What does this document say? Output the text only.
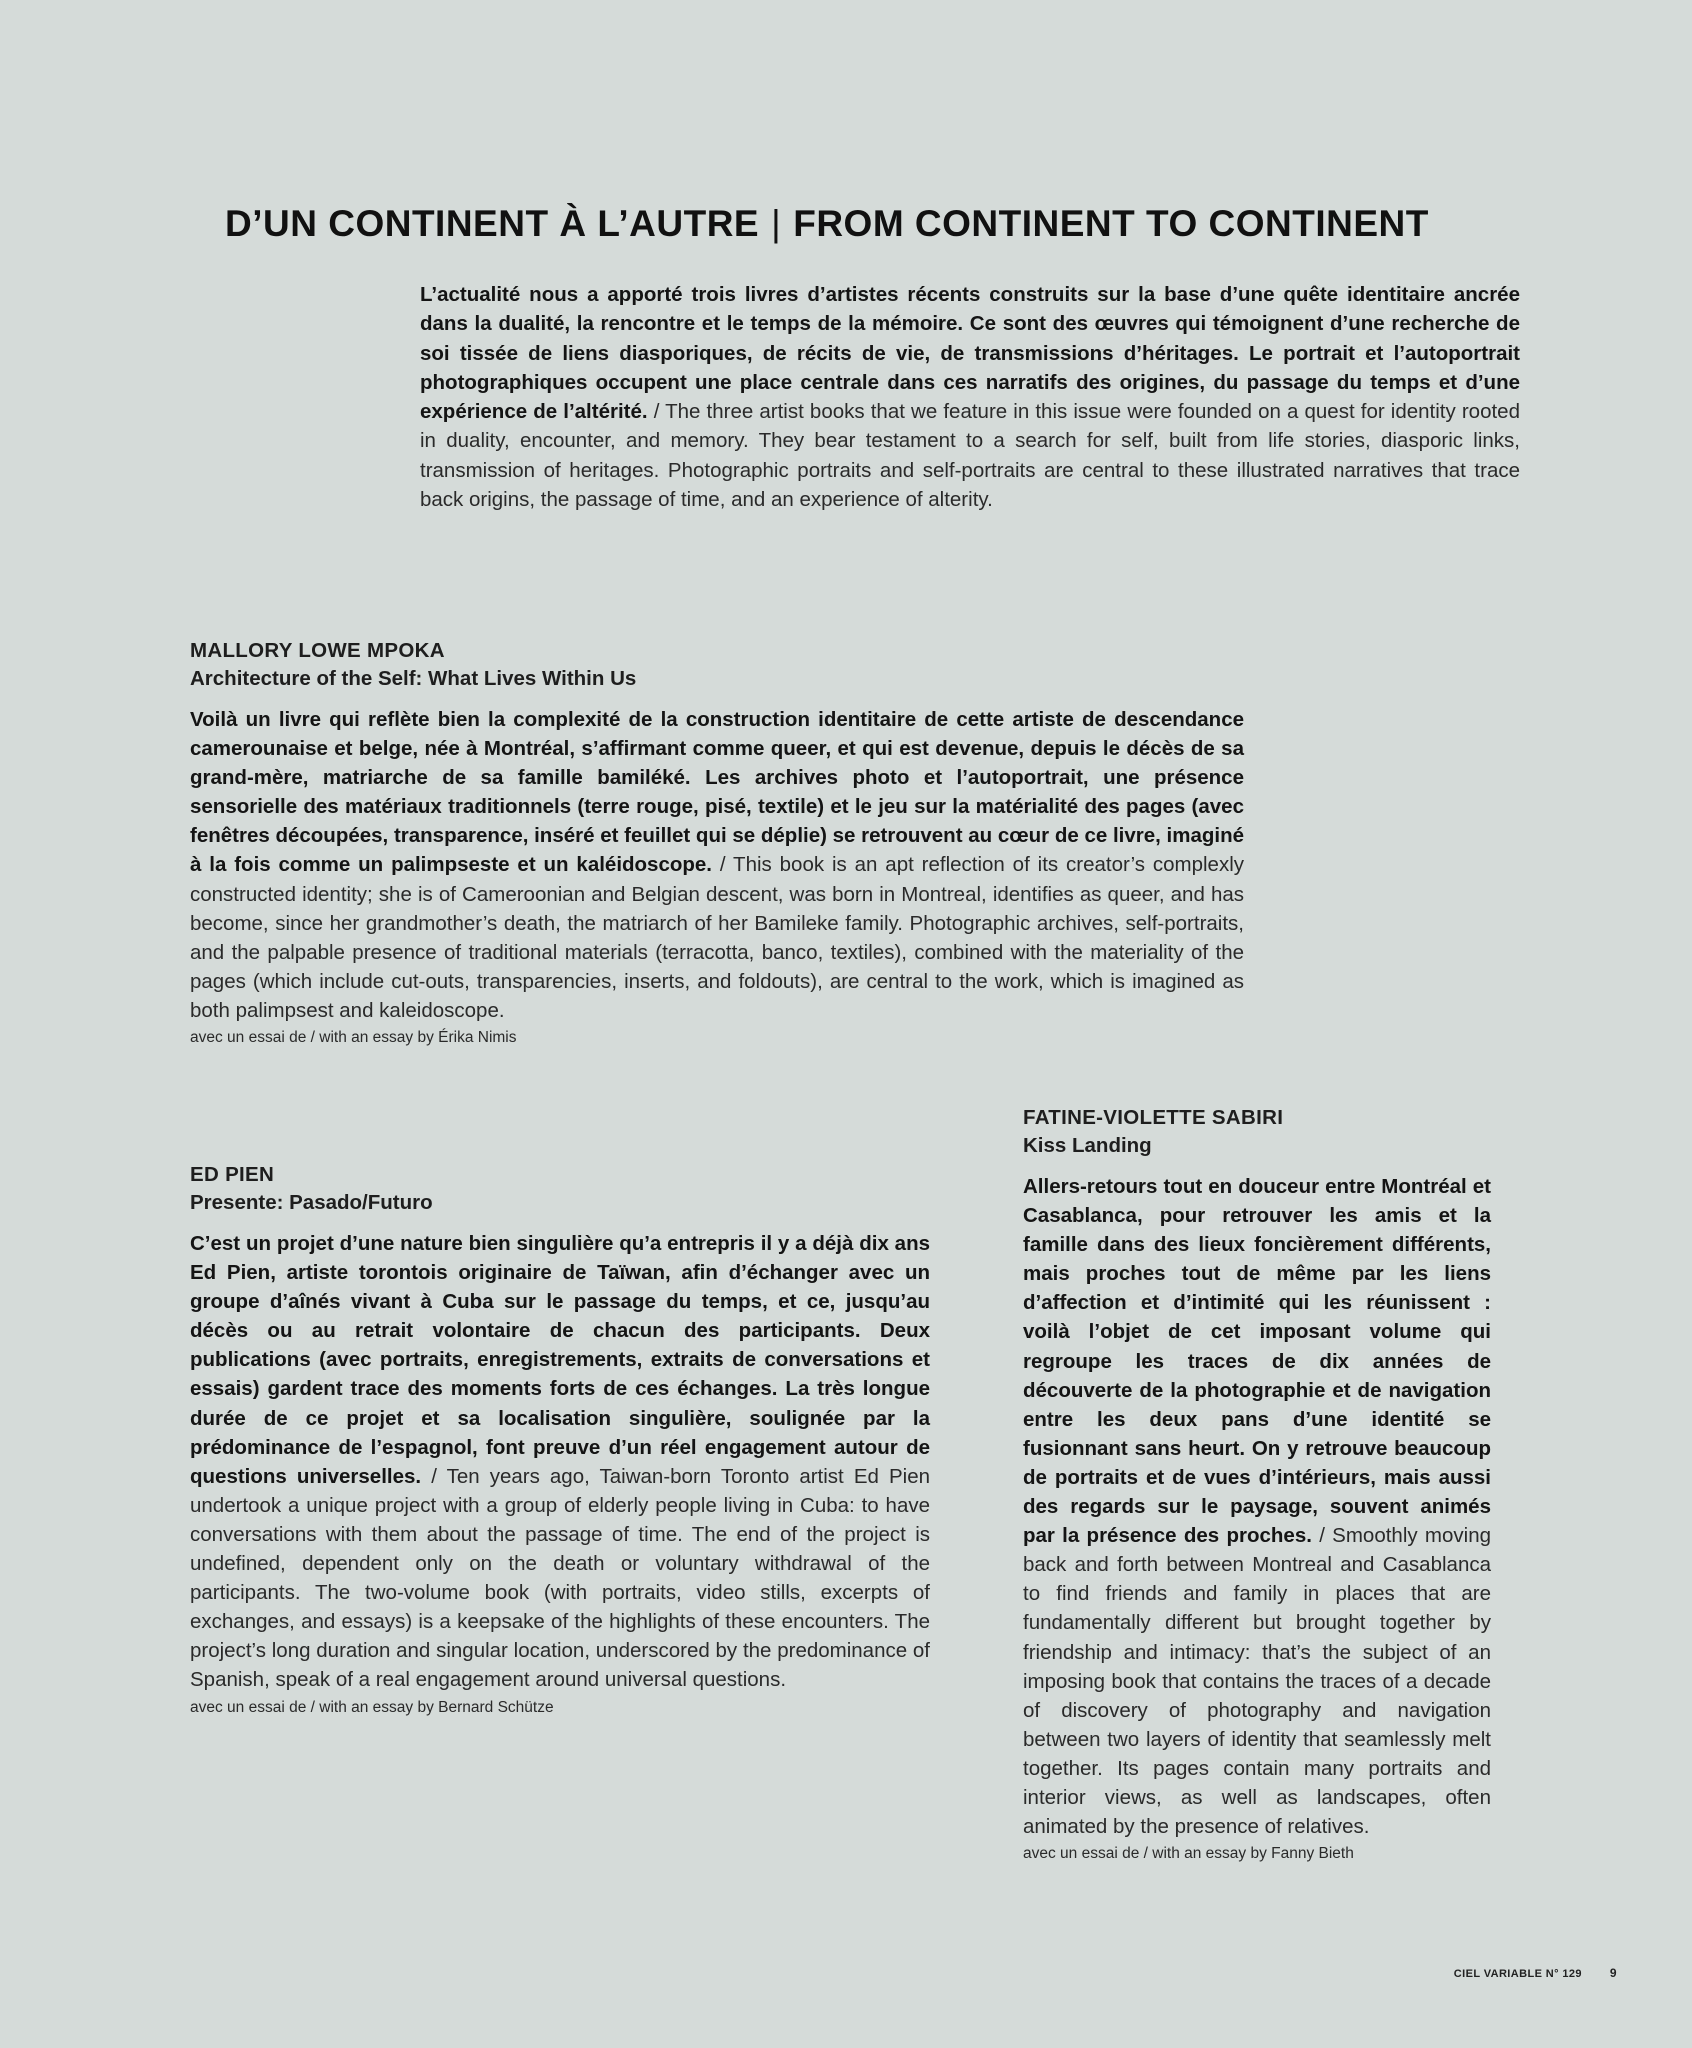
D’UN CONTINENT À L’AUTRE | FROM CONTINENT TO CONTINENT

L’actualité nous a apporté trois livres d’artistes récents construits sur la base d’une quête identitaire ancrée dans la dualité, la rencontre et le temps de la mémoire. Ce sont des œuvres qui témoignent d’une recherche de soi tissée de liens diasporiques, de récits de vie, de transmissions d’héritages. Le portrait et l’autoportrait photographiques occupent une place centrale dans ces narratifs des origines, du passage du temps et d’une expérience de l’altérité. / The three artist books that we feature in this issue were founded on a quest for identity rooted in duality, encounter, and memory. They bear testament to a search for self, built from life stories, diasporic links, transmission of heritages. Photographic portraits and self-portraits are central to these illustrated narratives that trace back origins, the passage of time, and an experience of alterity.

MALLORY LOWE MPOKA
Architecture of the Self: What Lives Within Us

Voilà un livre qui reflète bien la complexité de la construction identitaire de cette artiste de descendance camerounaise et belge, née à Montréal, s’affirmant comme queer, et qui est devenue, depuis le décès de sa grand-mère, matriarche de sa famille bamiléké. Les archives photo et l’autoportrait, une présence sensorielle des matériaux traditionnels (terre rouge, pisé, textile) et le jeu sur la matérialité des pages (avec fenêtres découpées, transparence, inséré et feuillet qui se déplie) se retrouvent au cœur de ce livre, imaginé à la fois comme un palimpseste et un kaléidoscope. / This book is an apt reflection of its creator’s complexly constructed identity; she is of Cameroonian and Belgian descent, was born in Montreal, identifies as queer, and has become, since her grandmother’s death, the matriarch of her Bamileke family. Photographic archives, self-portraits, and the palpable presence of traditional materials (terracotta, banco, textiles), combined with the materiality of the pages (which include cut-outs, transparencies, inserts, and foldouts), are central to the work, which is imagined as both palimpsest and kaleidoscope.

avec un essai de / with an essay by Érika Nimis

ED PIEN
Presente: Pasado/Futuro

C’est un projet d’une nature bien singulière qu’a entrepris il y a déjà dix ans Ed Pien, artiste torontois originaire de Taïwan, afin d’échanger avec un groupe d’aînés vivant à Cuba sur le passage du temps, et ce, jusqu’au décès ou au retrait volontaire de chacun des participants. Deux publications (avec portraits, enregistrements, extraits de conversations et essais) gardent trace des moments forts de ces échanges. La très longue durée de ce projet et sa localisation singulière, soulignée par la prédominance de l’espagnol, font preuve d’un réel engagement autour de questions universelles. / Ten years ago, Taiwan-born Toronto artist Ed Pien undertook a unique project with a group of elderly people living in Cuba: to have conversations with them about the passage of time. The end of the project is undefined, dependent only on the death or voluntary withdrawal of the participants. The two-volume book (with portraits, video stills, excerpts of exchanges, and essays) is a keepsake of the highlights of these encounters. The project’s long duration and singular location, underscored by the predominance of Spanish, speak of a real engagement around universal questions.

avec un essai de / with an essay by Bernard Schütze

FATINE-VIOLETTE SABIRI
Kiss Landing

Allers-retours tout en douceur entre Montréal et Casablanca, pour retrouver les amis et la famille dans des lieux foncièrement différents, mais proches tout de même par les liens d’affection et d’intimité qui les réunissent : voilà l’objet de cet imposant volume qui regroupe les traces de dix années de découverte de la photographie et de navigation entre les deux pans d’une identité se fusionnant sans heurt. On y retrouve beaucoup de portraits et de vues d’intérieurs, mais aussi des regards sur le paysage, souvent animés par la présence des proches. / Smoothly moving back and forth between Montreal and Casablanca to find friends and family in places that are fundamentally different but brought together by friendship and intimacy: that’s the subject of an imposing book that contains the traces of a decade of discovery of photography and navigation between two layers of identity that seamlessly melt together. Its pages contain many portraits and interior views, as well as landscapes, often animated by the presence of relatives.

avec un essai de / with an essay by Fanny Bieth

CIEL VARIABLE N° 129 9
